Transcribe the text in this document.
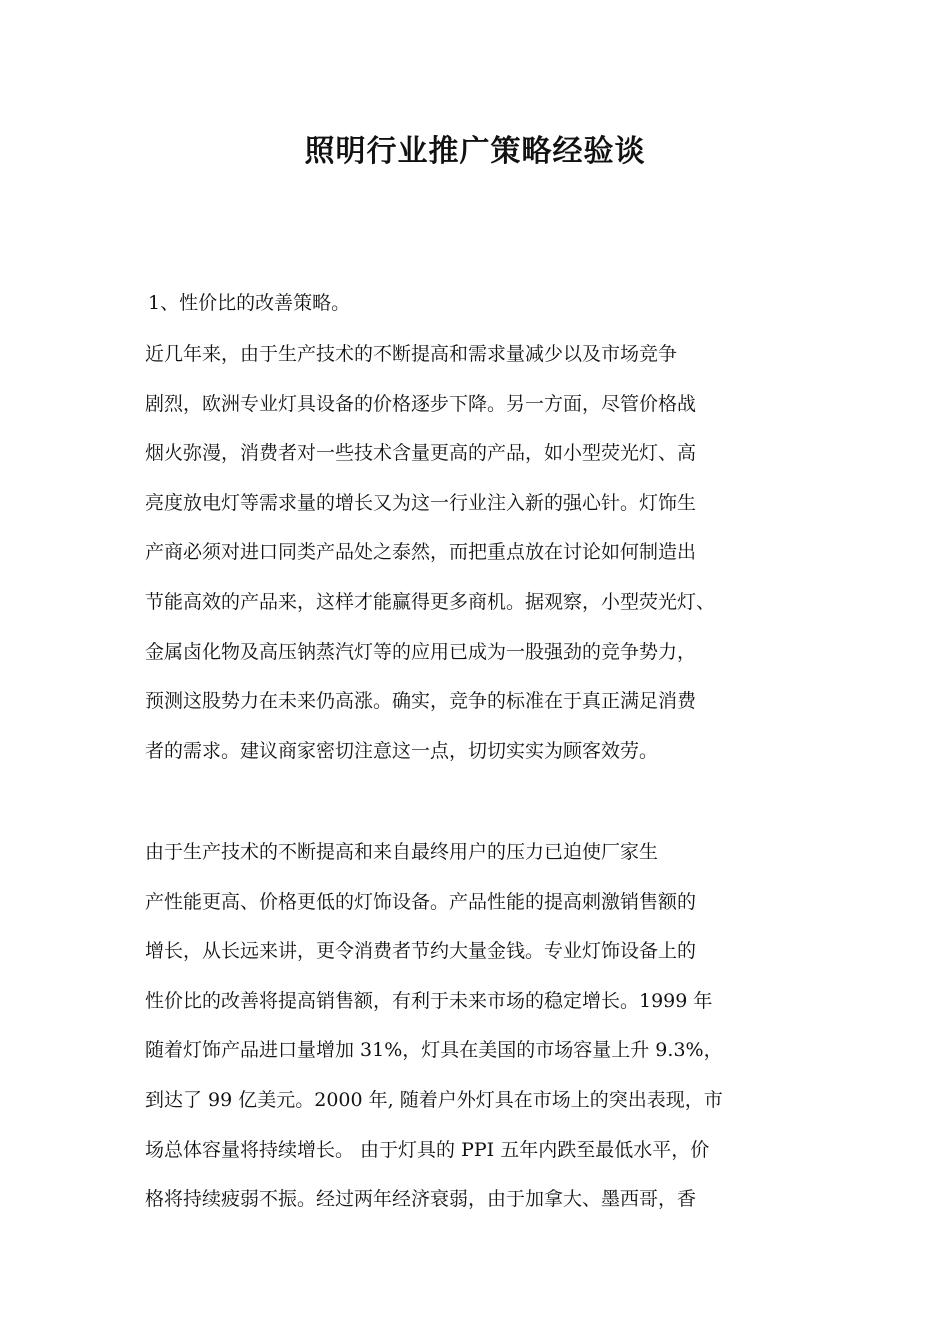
照明行业推广策略经验谈
1、性价比的改善策略。
近几年来，由于生产技术的不断提高和需求量减少以及市场竞争
剧烈，欧洲专业灯具设备的价格逐步下降。另一方面，尽管价格战
烟火弥漫，消费者对一些技术含量更高的产品，如小型荧光灯、高
亮度放电灯等需求量的增长又为这一行业注入新的强心针。灯饰生
产商必须对进口同类产品处之泰然，而把重点放在讨论如何制造出
节能高效的产品来，这样才能赢得更多商机。据观察，小型荧光灯、
金属卤化物及高压钠蒸汽灯等的应用已成为一股强劲的竞争势力，
预测这股势力在未来仍高涨。确实，竞争的标准在于真正满足消费
者的需求。建议商家密切注意这一点，切切实实为顾客效劳。
由于生产技术的不断提高和来自最终用户的压力已迫使厂家生
产性能更高、价格更低的灯饰设备。产品性能的提高刺激销售额的
增长，从长远来讲，更令消费者节约大量金钱。专业灯饰设备上的
性价比的改善将提高销售额，有利于未来市场的稳定增长。1999 年
随着灯饰产品进口量增加 31%，灯具在美国的市场容量上升 9.3%，
到达了 99 亿美元。2000 年, 随着户外灯具在市场上的突出表现，市
场总体容量将持续增长。 由于灯具的 PPI 五年内跌至最低水平，价
格将持续疲弱不振。经过两年经济衰弱，由于加拿大、墨西哥，香
